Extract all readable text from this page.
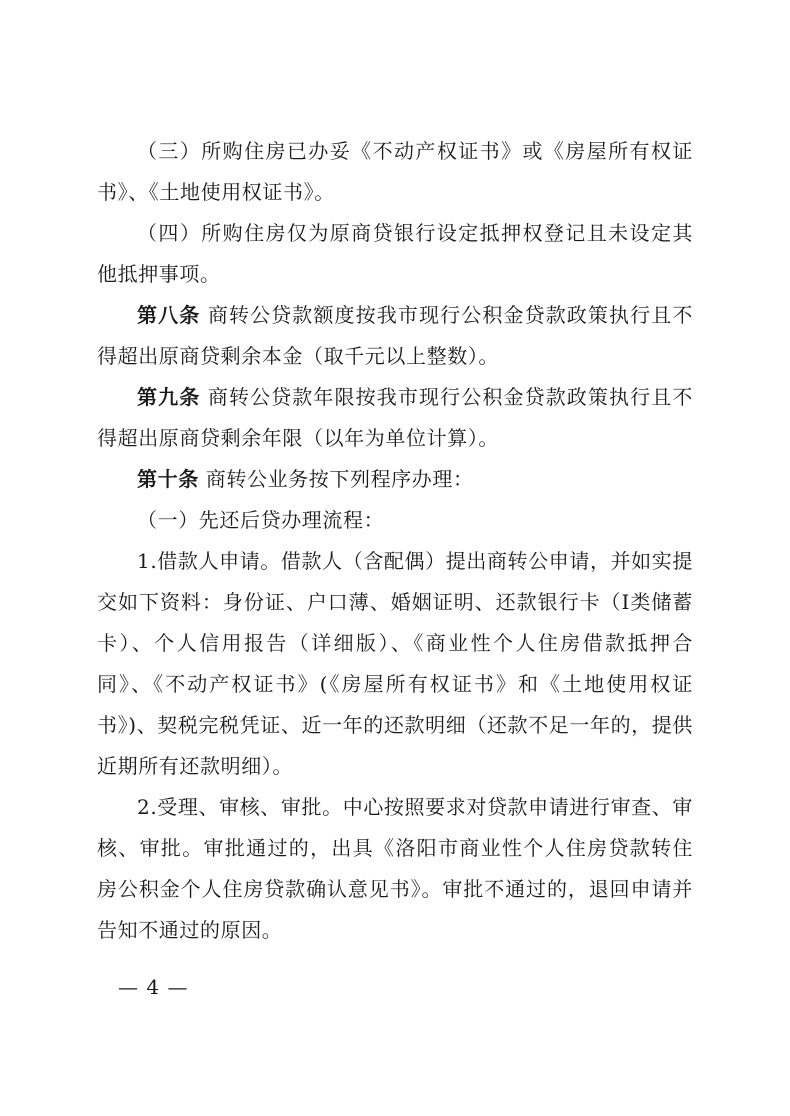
（三）所购住房已办妥《不动产权证书》或《房屋所有权证书》、《土地使用权证书》。

（四）所购住房仅为原商贷银行设定抵押权登记且未设定其他抵押事项。

第八条 商转公贷款额度按我市现行公积金贷款政策执行且不得超出原商贷剩余本金（取千元以上整数）。

第九条 商转公贷款年限按我市现行公积金贷款政策执行且不得超出原商贷剩余年限（以年为单位计算）。

第十条 商转公业务按下列程序办理：

（一）先还后贷办理流程：

1.借款人申请。借款人（含配偶）提出商转公申请，并如实提交如下资料：身份证、户口薄、婚姻证明、还款银行卡（I类储蓄卡）、个人信用报告（详细版）、《商业性个人住房借款抵押合同》、《不动产权证书》(《房屋所有权证书》和《土地使用权证书》)、契税完税凭证、近一年的还款明细（还款不足一年的，提供近期所有还款明细）。

2.受理、审核、审批。中心按照要求对贷款申请进行审查、审核、审批。审批通过的，出具《洛阳市商业性个人住房贷款转住房公积金个人住房贷款确认意见书》。审批不通过的，退回申请并告知不通过的原因。

— 4 —
